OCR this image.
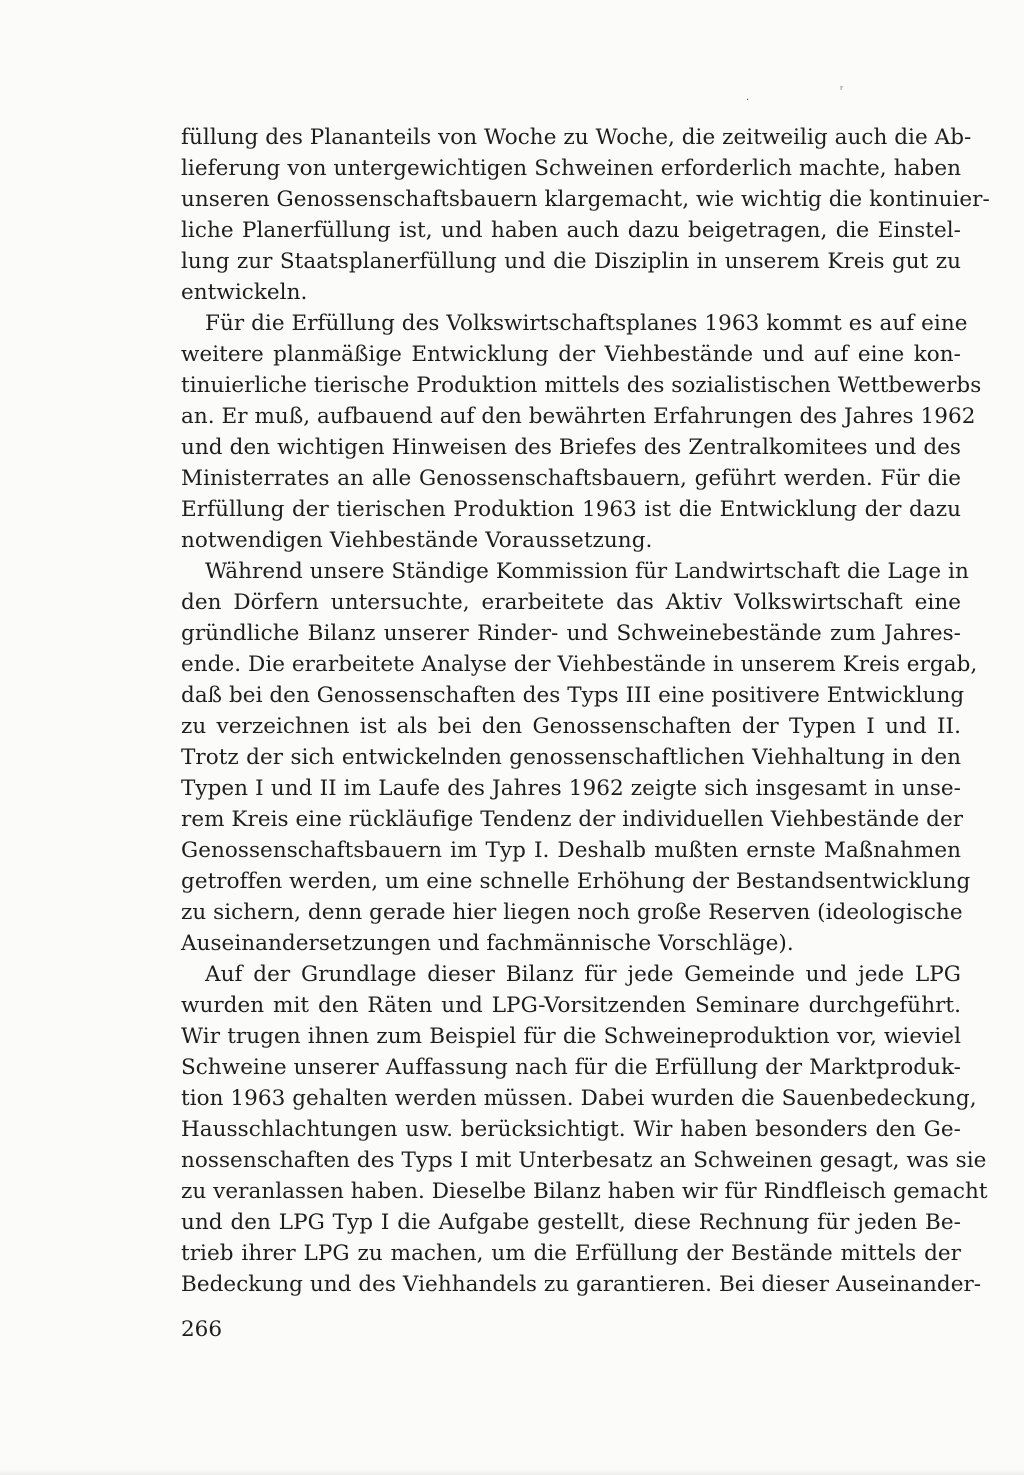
ʳ
·
füllung des Plananteils von Woche zu Woche, die zeitweilig auch die Ab-
lieferung von untergewichtigen Schweinen erforderlich machte, haben
unseren Genossenschaftsbauern klargemacht, wie wichtig die kontinuier-
liche Planerfüllung ist, und haben auch dazu beigetragen, die Einstel-
lung zur Staatsplanerfüllung und die Disziplin in unserem Kreis gut zu
entwickeln.
Für die Erfüllung des Volkswirtschaftsplanes 1963 kommt es auf eine
weitere planmäßige Entwicklung der Viehbestände und auf eine kon-
tinuierliche tierische Produktion mittels des sozialistischen Wettbewerbs
an. Er muß, aufbauend auf den bewährten Erfahrungen des Jahres 1962
und den wichtigen Hinweisen des Briefes des Zentralkomitees und des
Ministerrates an alle Genossenschaftsbauern, geführt werden. Für die
Erfüllung der tierischen Produktion 1963 ist die Entwicklung der dazu
notwendigen Viehbestände Voraussetzung.
Während unsere Ständige Kommission für Landwirtschaft die Lage in
den Dörfern untersuchte, erarbeitete das Aktiv Volkswirtschaft eine
gründliche Bilanz unserer Rinder- und Schweinebestände zum Jahres-
ende. Die erarbeitete Analyse der Viehbestände in unserem Kreis ergab,
daß bei den Genossenschaften des Typs III eine positivere Entwicklung
zu verzeichnen ist als bei den Genossenschaften der Typen I und II.
Trotz der sich entwickelnden genossenschaftlichen Viehhaltung in den
Typen I und II im Laufe des Jahres 1962 zeigte sich insgesamt in unse-
rem Kreis eine rückläufige Tendenz der individuellen Viehbestände der
Genossenschaftsbauern im Typ I. Deshalb mußten ernste Maßnahmen
getroffen werden, um eine schnelle Erhöhung der Bestandsentwicklung
zu sichern, denn gerade hier liegen noch große Reserven (ideologische
Auseinandersetzungen und fachmännische Vorschläge).
Auf der Grundlage dieser Bilanz für jede Gemeinde und jede LPG
wurden mit den Räten und LPG-Vorsitzenden Seminare durchgeführt.
Wir trugen ihnen zum Beispiel für die Schweineproduktion vor, wieviel
Schweine unserer Auffassung nach für die Erfüllung der Marktproduk-
tion 1963 gehalten werden müssen. Dabei wurden die Sauenbedeckung,
Hausschlachtungen usw. berücksichtigt. Wir haben besonders den Ge-
nossenschaften des Typs I mit Unterbesatz an Schweinen gesagt, was sie
zu veranlassen haben. Dieselbe Bilanz haben wir für Rindfleisch gemacht
und den LPG Typ I die Aufgabe gestellt, diese Rechnung für jeden Be-
trieb ihrer LPG zu machen, um die Erfüllung der Bestände mittels der
Bedeckung und des Viehhandels zu garantieren. Bei dieser Auseinander-
266
